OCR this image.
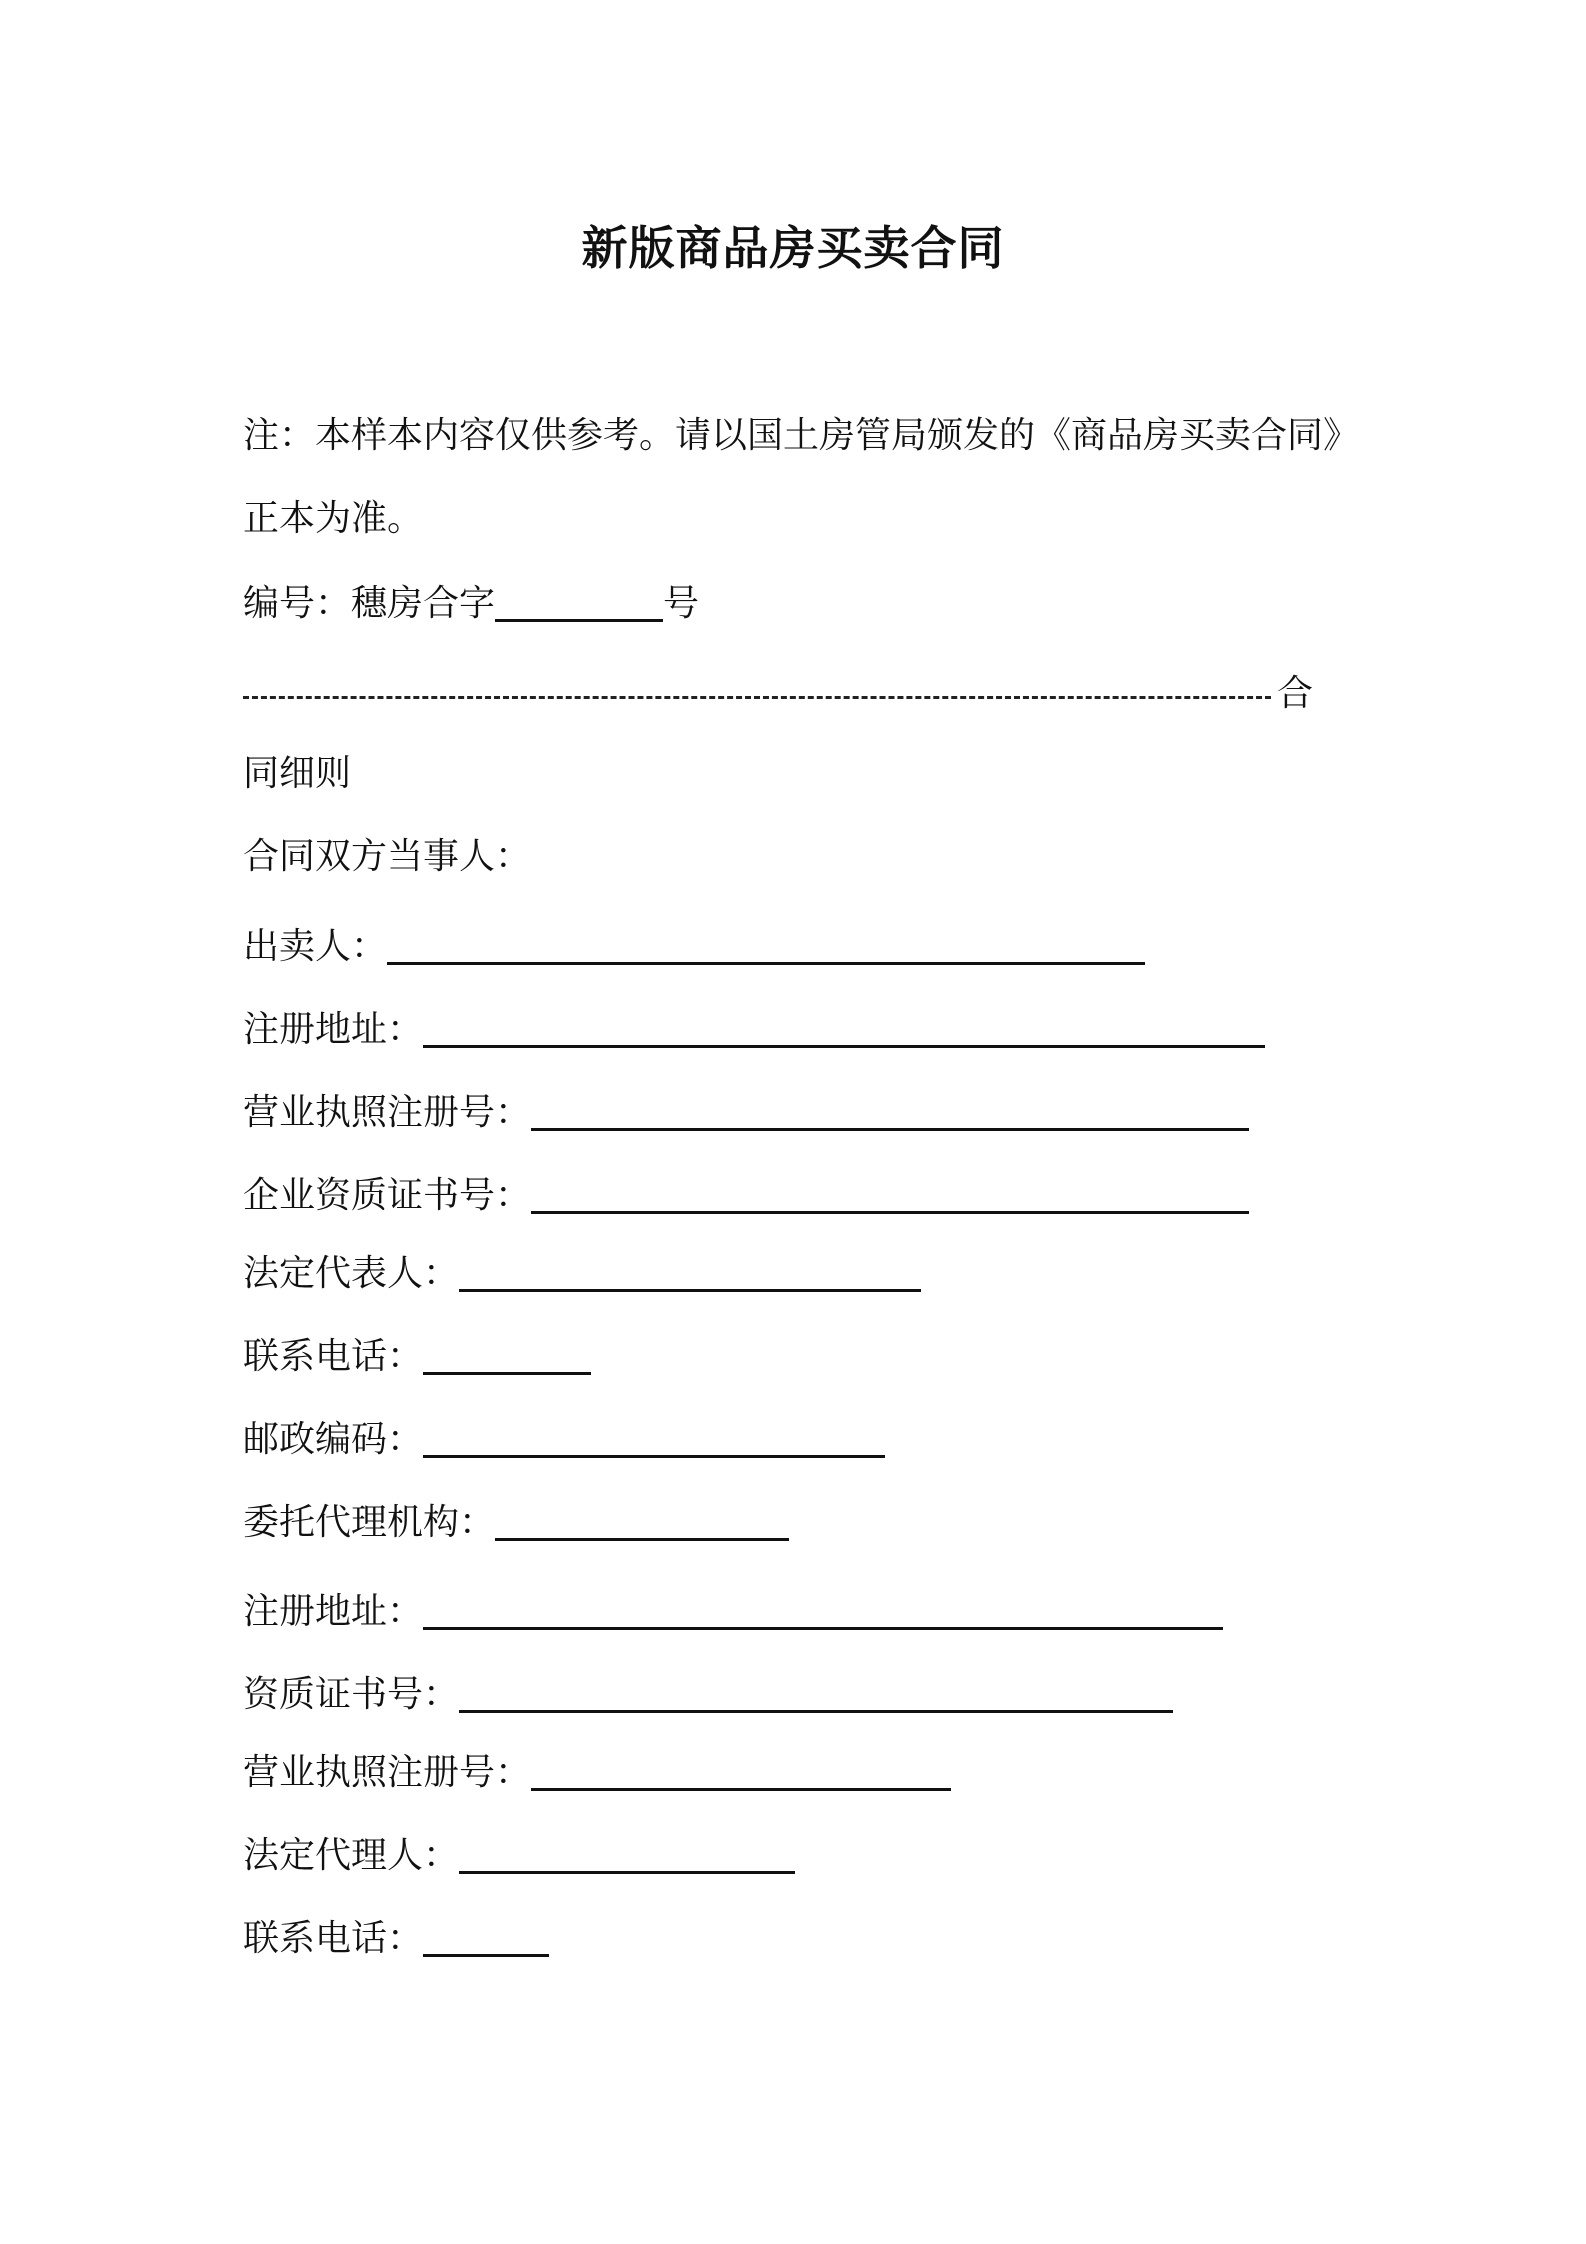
新版商品房买卖合同
注：本样本内容仅供参考。请以国土房管局颁发的《商品房买卖合同》
正本为准。
编号：穗房合字	号
合
同细则
合同双方当事人：
出卖人：
注册地址：
营业执照注册号：
企业资质证书号：
法定代表人：
联系电话：
邮政编码：
委托代理机构：
注册地址：
资质证书号：
营业执照注册号：
法定代理人：
联系电话：
